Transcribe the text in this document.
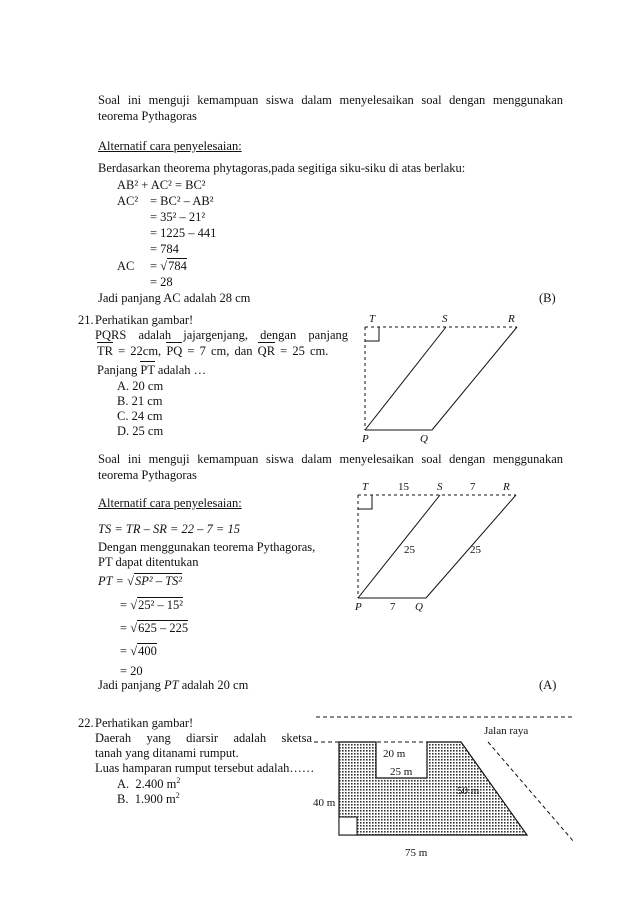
Soal ini menguji kemampuan siswa dalam menyelesaikan soal dengan menggunakan
teorema Pythagoras
Alternatif cara penyelesaian:
Berdasarkan theorema phytagoras,pada segitiga siku-siku di atas berlaku:
AB² + AC² = BC²
AC² = BC² – AB²
= 35² – 21²
= 1225 – 441
= 784
AC = √784
= 28
Jadi panjang AC adalah 28 cm	(B)
21. Perhatikan gambar!
PQRS adalah jajargenjang, dengan panjang
TR = 22cm, PQ = 7 cm, dan QR = 25 cm.
Panjang PT adalah …
A. 20 cm
B. 21 cm
C. 24 cm
D. 25 cm
T	S	R
P	Q
Soal ini menguji kemampuan siswa dalam menyelesaikan soal dengan menggunakan
teorema Pythagoras
Alternatif cara penyelesaian:
TS = TR – SR = 22 – 7 = 15
Dengan menggunakan teorema Pythagoras,
PT dapat ditentukan
PT = √SP² – TS²
= √25² – 15²
= √625 – 225
= √400
= 20
Jadi panjang PT adalah 20 cm	(A)
T	15	S	7	R
25	25
P	7 Q
22. Perhatikan gambar!
Daerah yang diarsir adalah sketsa
tanah yang ditanami rumput.
Luas hamparan rumput tersebut adalah……
A.  2.400 $m^2$
B.  1.900 $m^2$
Jalan raya
20 m
25 m
50 m
40 m
75 m
